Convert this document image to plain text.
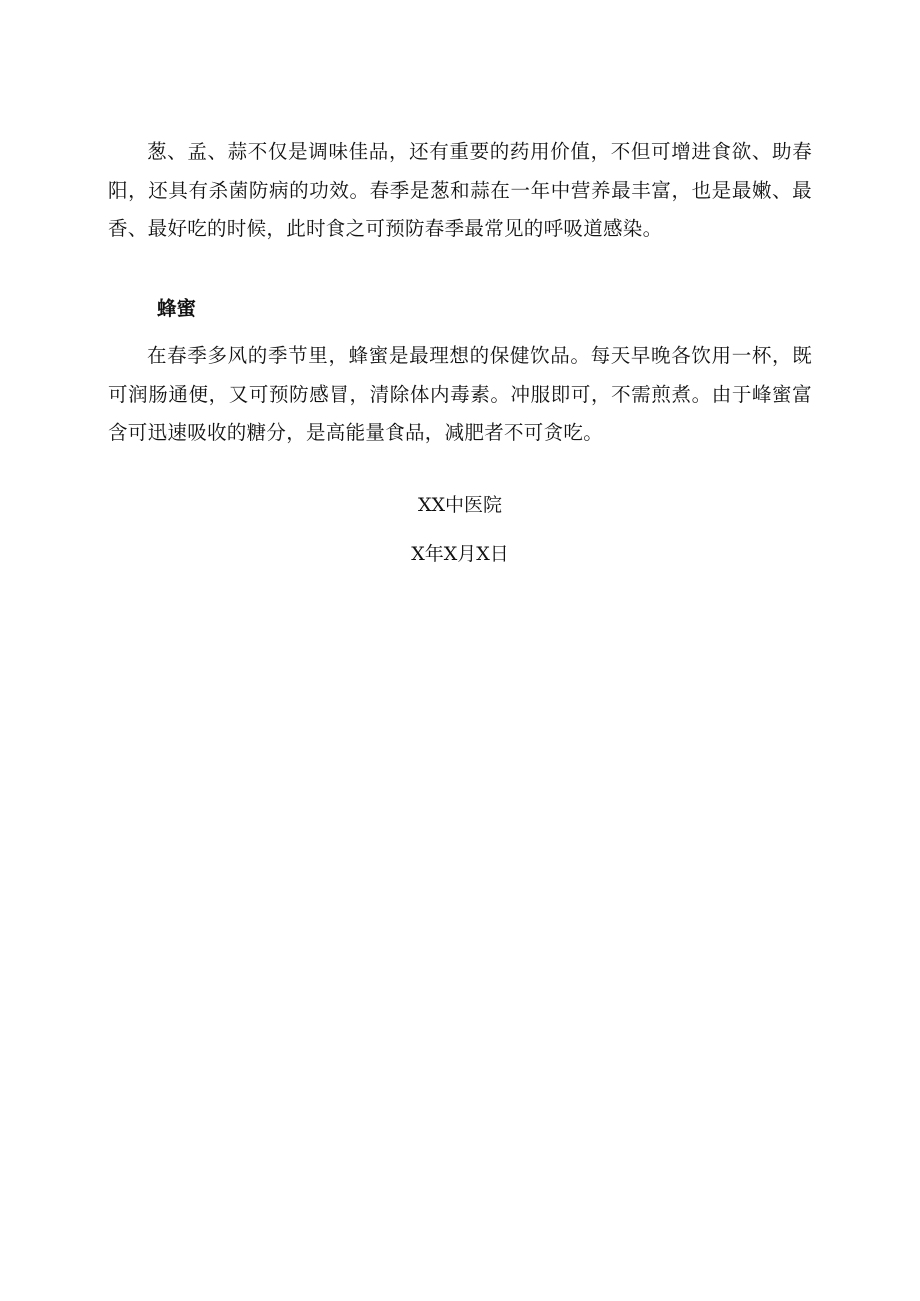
葱、孟、蒜不仅是调味佳品，还有重要的药用价值，不但可增进食欲、助春阳，还具有杀菌防病的功效。春季是葱和蒜在一年中营养最丰富，也是最嫩、最香、最好吃的时候，此时食之可预防春季最常见的呼吸道感染。

蜂蜜

在春季多风的季节里，蜂蜜是最理想的保健饮品。每天早晚各饮用一杯，既可润肠通便，又可预防感冒，清除体内毒素。冲服即可，不需煎煮。由于峰蜜富含可迅速吸收的糖分，是高能量食品，减肥者不可贪吃。

XX中医院

X年X月X日
